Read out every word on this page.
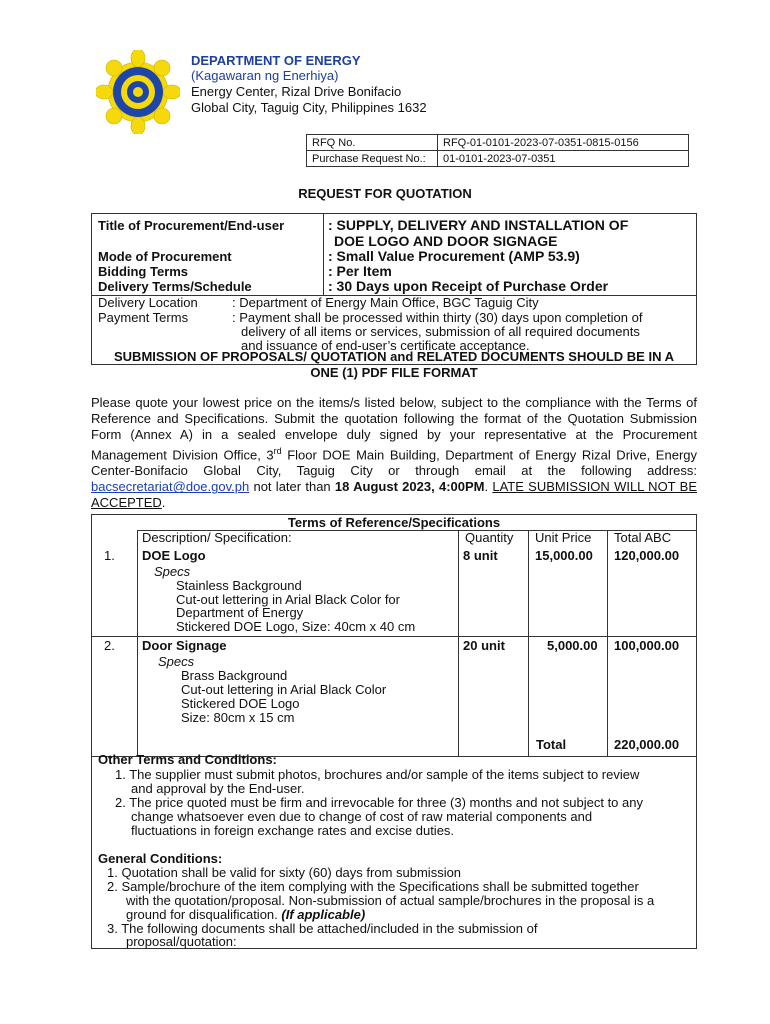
DEPARTMENT OF ENERGY
(Kagawaran ng Enerhiya)
Energy Center, Rizal Drive Bonifacio
Global City, Taguig City, Philippines 1632
RFQ No.	RFQ-01-0101-2023-07-0351-0815-0156
Purchase Request No.:	01-0101-2023-07-0351
REQUEST FOR QUOTATION
Title of Procurement/End-user	: SUPPLY, DELIVERY AND INSTALLATION OF
DOE LOGO AND DOOR SIGNAGE
Mode of Procurement	: Small Value Procurement (AMP 53.9)
Bidding Terms	: Per Item
Delivery Terms/Schedule	: 30 Days upon Receipt of Purchase Order
Delivery Location	: Department of Energy Main Office, BGC Taguig City
Payment Terms	: Payment shall be processed within thirty (30) days upon completion of
delivery of all items or services, submission of all required documents
and issuance of end-user’s certificate acceptance.
SUBMISSION OF PROPOSALS/ QUOTATION and RELATED DOCUMENTS SHOULD BE IN A
ONE (1) PDF FILE FORMAT
Please quote your lowest price on the items/s listed below, subject to the compliance with the Terms of Reference and Specifications. Submit the quotation following the format of the Quotation Submission Form (Annex A) in a sealed envelope duly signed by your representative at the Procurement Management Division Office, 3rd Floor DOE Main Building, Department of Energy Rizal Drive, Energy Center-Bonifacio Global City, Taguig City or through email at the following address: bacsecretariat@doe.gov.ph not later than 18 August 2023, 4:00PM. LATE SUBMISSION WILL NOT BE ACCEPTED.
Terms of Reference/Specifications
Description/ Specification:	Quantity Unit Price Total ABC
1. DOE Logo	8 unit	15,000.00 120,000.00
Specs
Stainless Background
Cut-out lettering in Arial Black Color for
Department of Energy
Stickered DOE Logo, Size: 40cm x 40 cm
2. Door Signage	20 unit	5,000.00 100,000.00
Specs
Brass Background
Cut-out lettering in Arial Black Color
Stickered DOE Logo
Size: 80cm x 15 cm
Total	220,000.00
Other Terms and Conditions:
1. The supplier must submit photos, brochures and/or sample of the items subject to review
and approval by the End-user.
2. The price quoted must be firm and irrevocable for three (3) months and not subject to any
change whatsoever even due to change of cost of raw material components and
fluctuations in foreign exchange rates and excise duties.
General Conditions:
1. Quotation shall be valid for sixty (60) days from submission
2. Sample/brochure of the item complying with the Specifications shall be submitted together
with the quotation/proposal. Non-submission of actual sample/brochures in the proposal is a
ground for disqualification. (If applicable)
3. The following documents shall be attached/included in the submission of
proposal/quotation:
